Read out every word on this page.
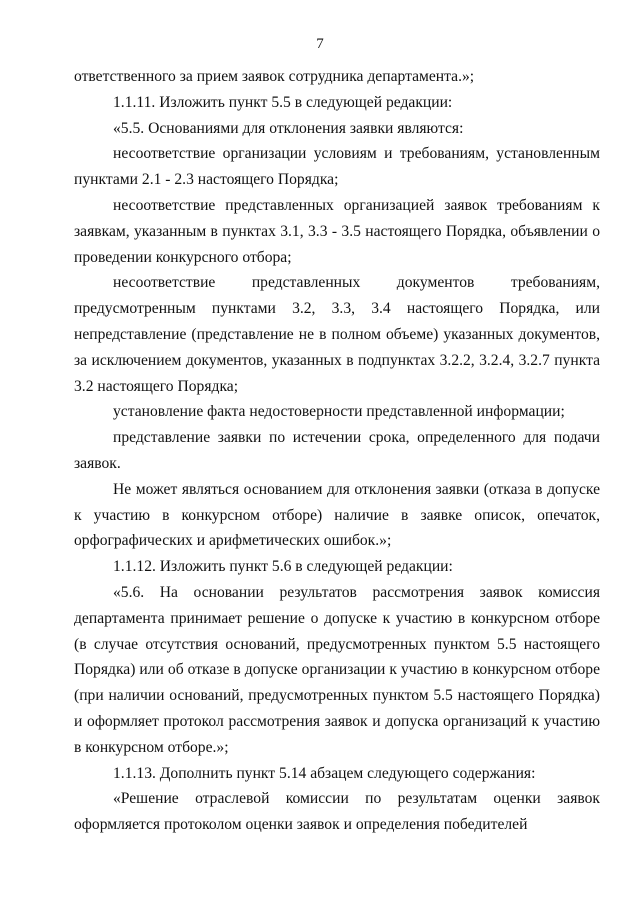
7

ответственного за прием заявок сотрудника департамента.»;

1.1.11. Изложить пункт 5.5 в следующей редакции:

«5.5. Основаниями для отклонения заявки являются:

несоответствие организации условиям и требованиям, установленным пунктами 2.1 - 2.3 настоящего Порядка;

несоответствие представленных организацией заявок требованиям к заявкам, указанным в пунктах 3.1, 3.3 - 3.5 настоящего Порядка, объявлении о проведении конкурсного отбора;

несоответствие представленных документов требованиям, предусмотренным пунктами 3.2, 3.3, 3.4 настоящего Порядка, или непредставление (представление не в полном объеме) указанных документов, за исключением документов, указанных в подпунктах 3.2.2, 3.2.4, 3.2.7 пункта 3.2 настоящего Порядка;

установление факта недостоверности представленной информации;

представление заявки по истечении срока, определенного для подачи заявок.

Не может являться основанием для отклонения заявки (отказа в допуске к участию в конкурсном отборе) наличие в заявке описок, опечаток, орфографических и арифметических ошибок.»;

1.1.12. Изложить пункт 5.6 в следующей редакции:

«5.6. На основании результатов рассмотрения заявок комиссия департамента принимает решение о допуске к участию в конкурсном отборе (в случае отсутствия оснований, предусмотренных пунктом 5.5 настоящего Порядка) или об отказе в допуске организации к участию в конкурсном отборе (при наличии оснований, предусмотренных пунктом 5.5 настоящего Порядка) и оформляет протокол рассмотрения заявок и допуска организаций к участию в конкурсном отборе.»;

1.1.13. Дополнить пункт 5.14 абзацем следующего содержания:

«Решение отраслевой комиссии по результатам оценки заявок оформляется протоколом оценки заявок и определения победителей
